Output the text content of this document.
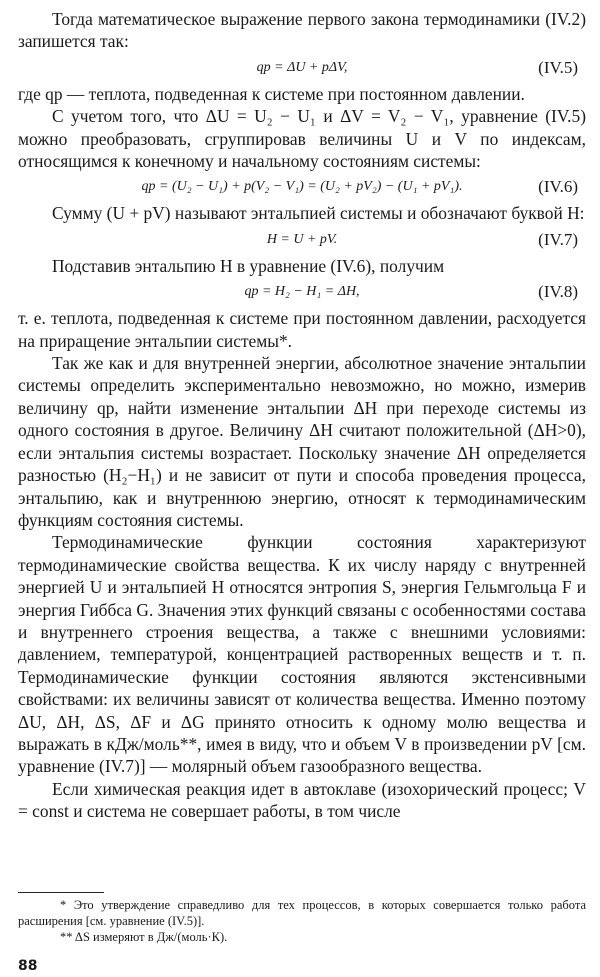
Тогда математическое выражение первого закона термодинамики (IV.2) запишется так:

qp = ΔU + pΔV,	(IV.5)

где qp — теплота, подведенная к системе при постоянном давлении.

С учетом того, что ΔU = U₂ − U₁ и ΔV = V₂ − V₁, уравнение (IV.5) можно преобразовать, сгруппировав величины U и V по индексам, относящимся к конечному и начальному состояниям системы:

qp = (U₂ − U₁) + p(V₂ − V₁) = (U₂ + pV₂) − (U₁ + pV₁).	(IV.6)

Сумму (U + pV) называют энтальпией системы и обозначают буквой H:

H = U + pV.	(IV.7)

Подставив энтальпию H в уравнение (IV.6), получим

qp = H₂ − H₁ = ΔH,	(IV.8)

т. е. теплота, подведенная к системе при постоянном давлении, расходуется на приращение энтальпии системы*.

Так же как и для внутренней энергии, абсолютное значение энтальпии системы определить экспериментально невозможно, но можно, измерив величину qp, найти изменение энтальпии ΔH при переходе системы из одного состояния в другое. Величину ΔH считают положительной (ΔH>0), если энтальпия системы возрастает. Поскольку значение ΔH определяется разностью (H₂−H₁) и не зависит от пути и способа проведения процесса, энтальпию, как и внутреннюю энергию, относят к термодинамическим функциям состояния системы.

Термодинамические функции состояния характеризуют термодинамические свойства вещества. К их числу наряду с внутренней энергией U и энтальпией H относятся энтропия S, энергия Гельмгольца F и энергия Гиббса G. Значения этих функций связаны с особенностями состава и внутреннего строения вещества, а также с внешними условиями: давлением, температурой, концентрацией растворенных веществ и т. п. Термодинамические функции состояния являются экстенсивными свойствами: их величины зависят от количества вещества. Именно поэтому ΔU, ΔH, ΔS, ΔF и ΔG принято относить к одному молю вещества и выражать в кДж/моль**, имея в виду, что и объем V в произведении pV [см. уравнение (IV.7)] — молярный объем газообразного вещества.

Если химическая реакция идет в автоклаве (изохорический процесс; V = const и система не совершает работы, в том числе

* Это утверждение справедливо для тех процессов, в которых совершается только работа расширения [см. уравнение (IV.5)].

** ΔS измеряют в Дж/(моль·К).

88
